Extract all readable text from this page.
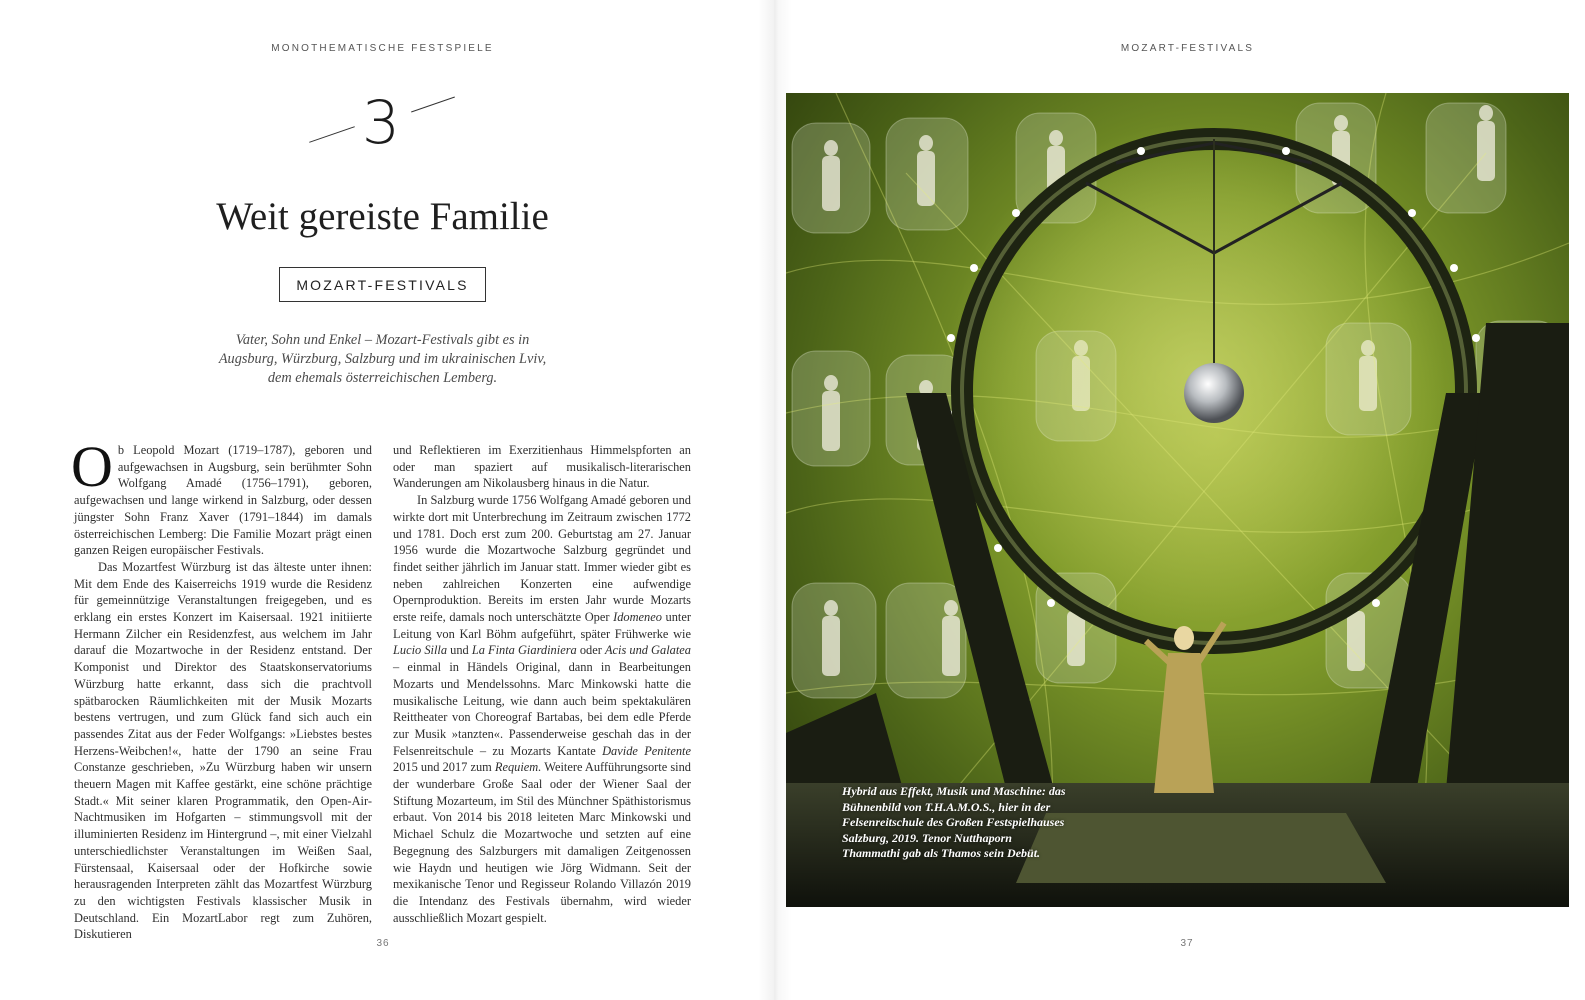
MONOTHEMATISCHE FESTSPIELE
3
Weit gereiste Familie
MOZART-FESTIVALS

Vater, Sohn und Enkel – Mozart-Festivals gibt es in

Augsburg, Würzburg, Salzburg und im ukrainischen Lviv,

dem ehemals österreichischen Lemberg.

Ob Leopold Mozart (1719–1787), geboren und aufgewachsen in Augsburg, sein berühmter Sohn Wolfgang Amadé (1756–1791), geboren, aufgewachsen und lange wirkend in Salzburg, oder dessen jüngster Sohn Franz Xaver (1791–1844) im damals österreichischen Lemberg: Die Familie Mozart prägt einen ganzen Reigen europäischer Festivals.

Das Mozartfest Würzburg ist das älteste unter ihnen: Mit dem Ende des Kaiserreichs 1919 wurde die Residenz für gemeinnützige Veranstaltungen freigegeben, und es erklang ein erstes Konzert im Kaisersaal. 1921 initiierte Hermann Zilcher ein Residenzfest, aus welchem im Jahr darauf die Mozartwoche in der Residenz entstand. Der Komponist und Direktor des Staatskonservatoriums Würzburg hatte erkannt, dass sich die prachtvoll spätbarocken Räumlichkeiten mit der Musik Mozarts bestens vertrugen, und zum Glück fand sich auch ein passendes Zitat aus der Feder Wolfgangs: »Liebstes bestes Herzens-Weibchen!«, hatte der 1790 an seine Frau Constanze geschrieben, »Zu Würzburg haben wir unsern theuern Magen mit Kaffee gestärkt, eine schöne prächtige Stadt.« Mit seiner klaren Programmatik, den Open-Air-Nachtmusiken im Hofgarten – stimmungsvoll mit der illuminierten Residenz im Hintergrund –, mit einer Vielzahl unterschiedlichster Veranstaltungen im Weißen Saal, Fürstensaal, Kaisersaal oder der Hofkirche sowie herausragenden Interpreten zählt das Mozartfest Würzburg zu den wichtigsten Festivals klassischer Musik in Deutschland. Ein MozartLabor regt zum Zuhören, Diskutieren

und Reflektieren im Exerzitienhaus Himmelspforten an oder man spaziert auf musikalisch-literarischen Wanderungen am Nikolausberg hinaus in die Natur.

In Salzburg wurde 1756 Wolfgang Amadé geboren und wirkte dort mit Unterbrechung im Zeitraum zwischen 1772 und 1781. Doch erst zum 200. Geburtstag am 27. Januar 1956 wurde die Mozartwoche Salzburg gegründet und findet seither jährlich im Januar statt. Immer wieder gibt es neben zahlreichen Konzerten eine aufwendige Opernproduktion. Bereits im ersten Jahr wurde Mozarts erste reife, damals noch unterschätzte Oper Idomeneo unter Leitung von Karl Böhm aufgeführt, später Frühwerke wie Lucio Silla und La Finta Giardiniera oder Acis und Galatea – einmal in Händels Original, dann in Bearbeitungen Mozarts und Mendelssohns. Marc Minkowski hatte die musikalische Leitung, wie dann auch beim spektakulären Reittheater von Choreograf Bartabas, bei dem edle Pferde zur Musik »tanzten«. Passenderweise geschah das in der Felsenreitschule – zu Mozarts Kantate Davide Penitente 2015 und 2017 zum Requiem. Weitere Aufführungsorte sind der wunderbare Große Saal oder der Wiener Saal der Stiftung Mozarteum, im Stil des Münchner Späthistorismus erbaut. Von 2014 bis 2018 leiteten Marc Minkowski und Michael Schulz die Mozartwoche und setzten auf eine Begegnung des Salzburgers mit damaligen Zeitgenossen wie Haydn und heutigen wie Jörg Widmann. Seit der mexikanische Tenor und Regisseur Rolando Villazón 2019 die Intendanz des Festivals übernahm, wird wieder ausschließlich Mozart gespielt.

36
MOZART-FESTIVALS
Hybrid aus Effekt, Musik und Maschine: das Bühnenbild von T.H.A.M.O.S., hier in der Felsenreitschule des Großen Festspielhauses Salzburg, 2019. Tenor Nutthaporn Thammathi gab als Thamos sein Debüt.
37
